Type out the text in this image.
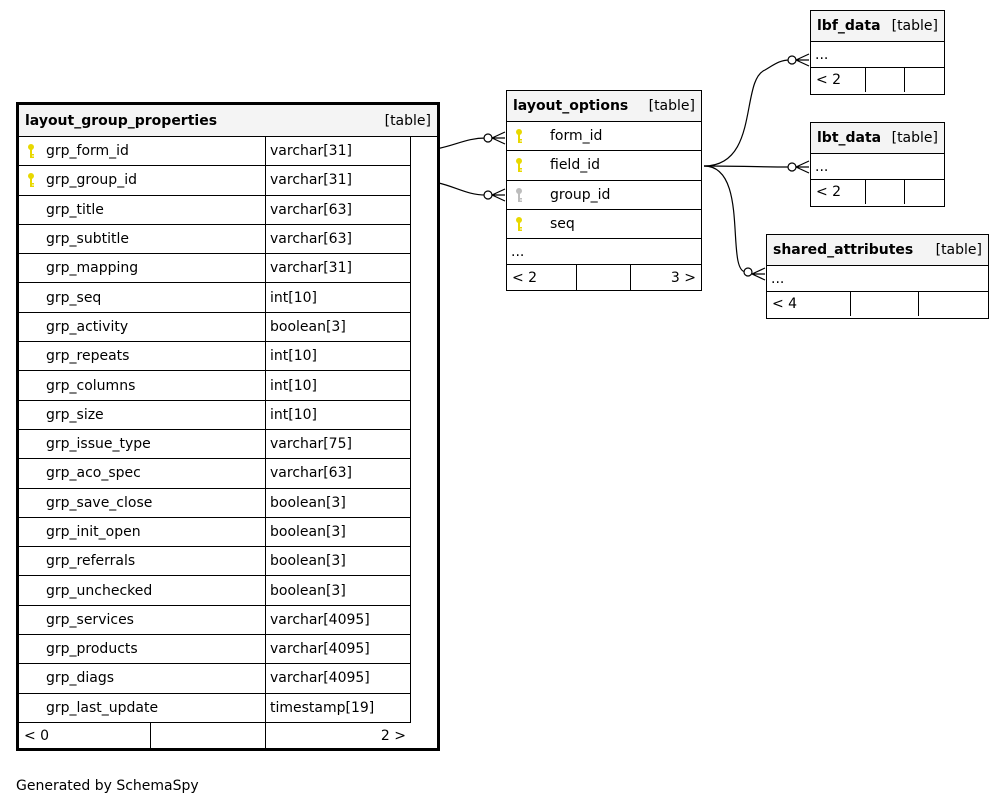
layout_group_properties	[table]
grp_form_id	varchar[31]
grp_group_id	varchar[31]
grp_title	varchar[63]
grp_subtitle	varchar[63]
grp_mapping	varchar[31]
grp_seq	int[10]
grp_activity	boolean[3]
grp_repeats	int[10]
grp_columns	int[10]
grp_size	int[10]
grp_issue_type	varchar[75]
grp_aco_spec	varchar[63]
grp_save_close	boolean[3]
grp_init_open	boolean[3]
grp_referrals	boolean[3]
grp_unchecked	boolean[3]
grp_services	varchar[4095]
grp_products	varchar[4095]
grp_diags	varchar[4095]
grp_last_update	timestamp[19]
< 0	2 >
layout_options [table]
form_id
field_id
group_id
seq
...
< 2	3 >
lbf_data [table]
...
< 2
lbt_data [table]
...
< 2
shared_attributes [table]
...
< 4
Generated by SchemaSpy
